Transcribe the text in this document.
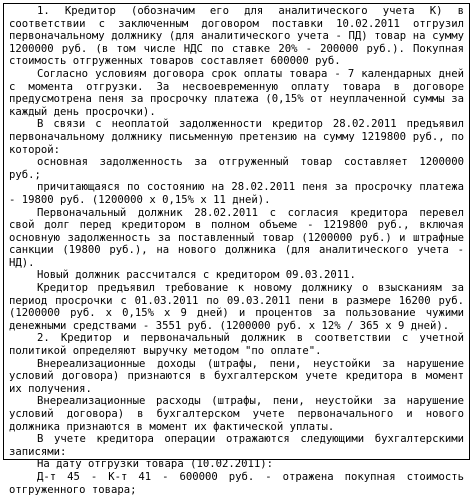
1. Кредитор (обозначим его для аналитического учета К) в соответствии с заключенным договором поставки 10.02.2011 отгрузил первоначальному должнику (для аналитического учета - ПД) товар на сумму 1200000 руб. (в том числе НДС по ставке 20% - 200000 руб.). Покупная стоимость отгруженных товаров составляет 600000 руб.

Согласно условиям договора срок оплаты товара - 7 календарных дней с момента отгрузки. За несвоевременную оплату товара в договоре предусмотрена пеня за просрочку платежа (0,15% от неуплаченной суммы за каждый день просрочки).

В связи с неоплатой задолженности кредитор 28.02.2011 предъявил первоначальному должнику письменную претензию на сумму 1219800 руб., по которой:

основная задолженность за отгруженный товар составляет 1200000 руб.;

причитающаяся по состоянию на 28.02.2011 пеня за просрочку платежа - 19800 руб. (1200000 х 0,15% х 11 дней).

Первоначальный должник 28.02.2011 с согласия кредитора перевел свой долг перед кредитором в полном объеме - 1219800 руб., включая основную задолженность за поставленный товар (1200000 руб.) и штрафные санкции (19800 руб.), на нового должника (для аналитического учета - НД).

Новый должник рассчитался с кредитором 09.03.2011.

Кредитор предъявил требование к новому должнику о взысканиям за период просрочки с 01.03.2011 по 09.03.2011 пени в размере 16200 руб. (1200000 руб. х 0,15% х 9 дней) и процентов за пользование чужими денежными средствами - 3551 руб. (1200000 руб. х 12% / 365 х 9 дней).

2. Кредитор и первоначальный должник в соответствии с учетной политикой определяют выручку методом "по оплате".

Внереализационные доходы (штрафы, пени, неустойки за нарушение условий договора) признаются в бухгалтерском учете кредитора в момент их получения.

Внереализационные расходы (штрафы, пени, неустойки за нарушение условий договора) в бухгалтерском учете первоначального и нового должника признаются в момент их фактической уплаты.

В учете кредитора операции отражаются следующими бухгалтерскими записями:

На дату отгрузки товара (10.02.2011):

Д-т 45 - К-т 41 - 600000 руб. - отражена покупная стоимость отгруженного товара;
